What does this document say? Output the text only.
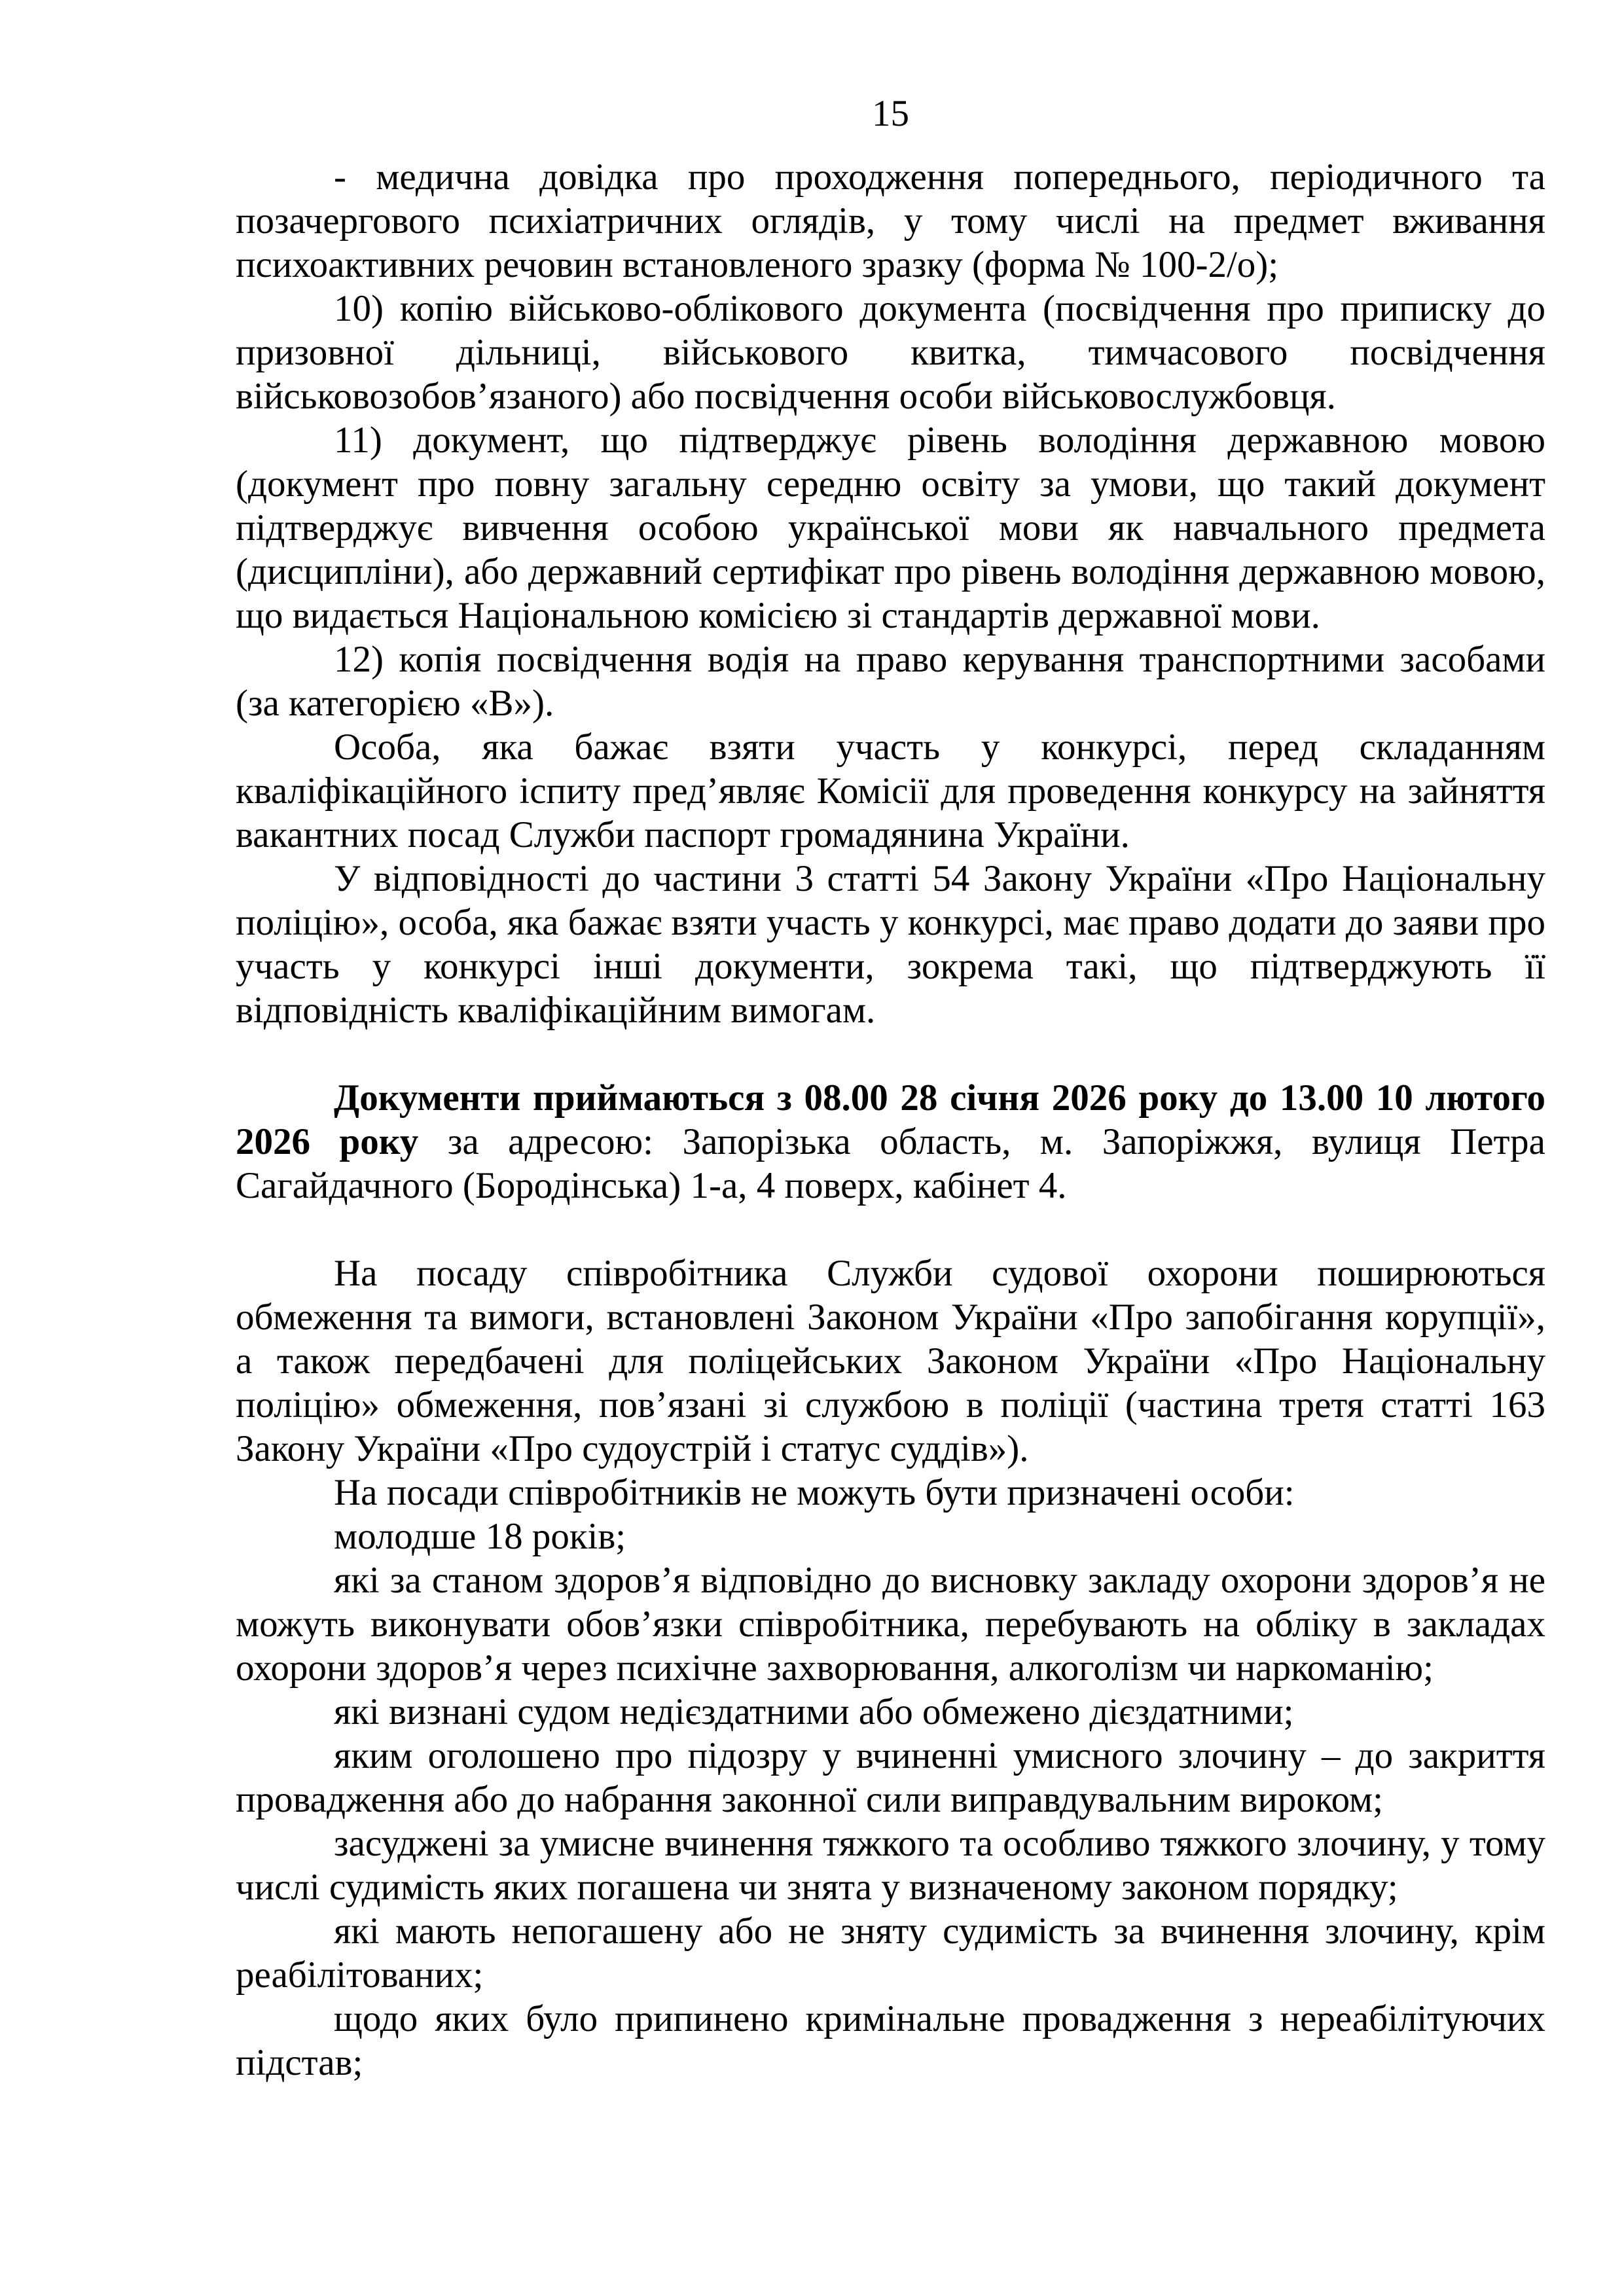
15

- медична довідка про проходження попереднього, періодичного та позачергового психіатричних оглядів, у тому числі на предмет вживання психоактивних речовин встановленого зразку (форма № 100-2/о);

10) копію військово-облікового документа (посвідчення про приписку до призовної дільниці, військового квитка, тимчасового посвідчення військовозобов’язаного) або посвідчення особи військовослужбовця.

11) документ, що підтверджує рівень володіння державною мовою (документ про повну загальну середню освіту за умови, що такий документ підтверджує вивчення особою української мови як навчального предмета (дисципліни), або державний сертифікат про рівень володіння державною мовою, що видається Національною комісією зі стандартів державної мови.

12) копія посвідчення водія на право керування транспортними засобами (за категорією «В»).

Особа, яка бажає взяти участь у конкурсі, перед складанням кваліфікаційного іспиту пред’являє Комісії для проведення конкурсу на зайняття вакантних посад Служби паспорт громадянина України.

У відповідності до частини 3 статті 54 Закону України «Про Національну поліцію», особа, яка бажає взяти участь у конкурсі, має право додати до заяви про участь у конкурсі інші документи, зокрема такі, що підтверджують її відповідність кваліфікаційним вимогам.

Документи приймаються з 08.00 28 січня 2026 року до 13.00 10 лютого 2026 року за адресою: Запорізька область, м. Запоріжжя, вулиця Петра Сагайдачного (Бородінська) 1-а, 4 поверх, кабінет 4.

На посаду співробітника Служби судової охорони поширюються обмеження та вимоги, встановлені Законом України «Про запобігання корупції», а також передбачені для поліцейських Законом України «Про Національну поліцію» обмеження, пов’язані зі службою в поліції (частина третя статті 163 Закону України «Про судоустрій і статус суддів»).

На посади співробітників не можуть бути призначені особи:

молодше 18 років;

які за станом здоров’я відповідно до висновку закладу охорони здоров’я не можуть виконувати обов’язки співробітника, перебувають на обліку в закладах охорони здоров’я через психічне захворювання, алкоголізм чи наркоманію;

які визнані судом недієздатними або обмежено дієздатними;

яким оголошено про підозру у вчиненні умисного злочину – до закриття провадження або до набрання законної сили виправдувальним вироком;

засуджені за умисне вчинення тяжкого та особливо тяжкого злочину, у тому числі судимість яких погашена чи знята у визначеному законом порядку;

які мають непогашену або не зняту судимість за вчинення злочину, крім реабілітованих;

щодо яких було припинено кримінальне провадження з нереабілітуючих підстав;
